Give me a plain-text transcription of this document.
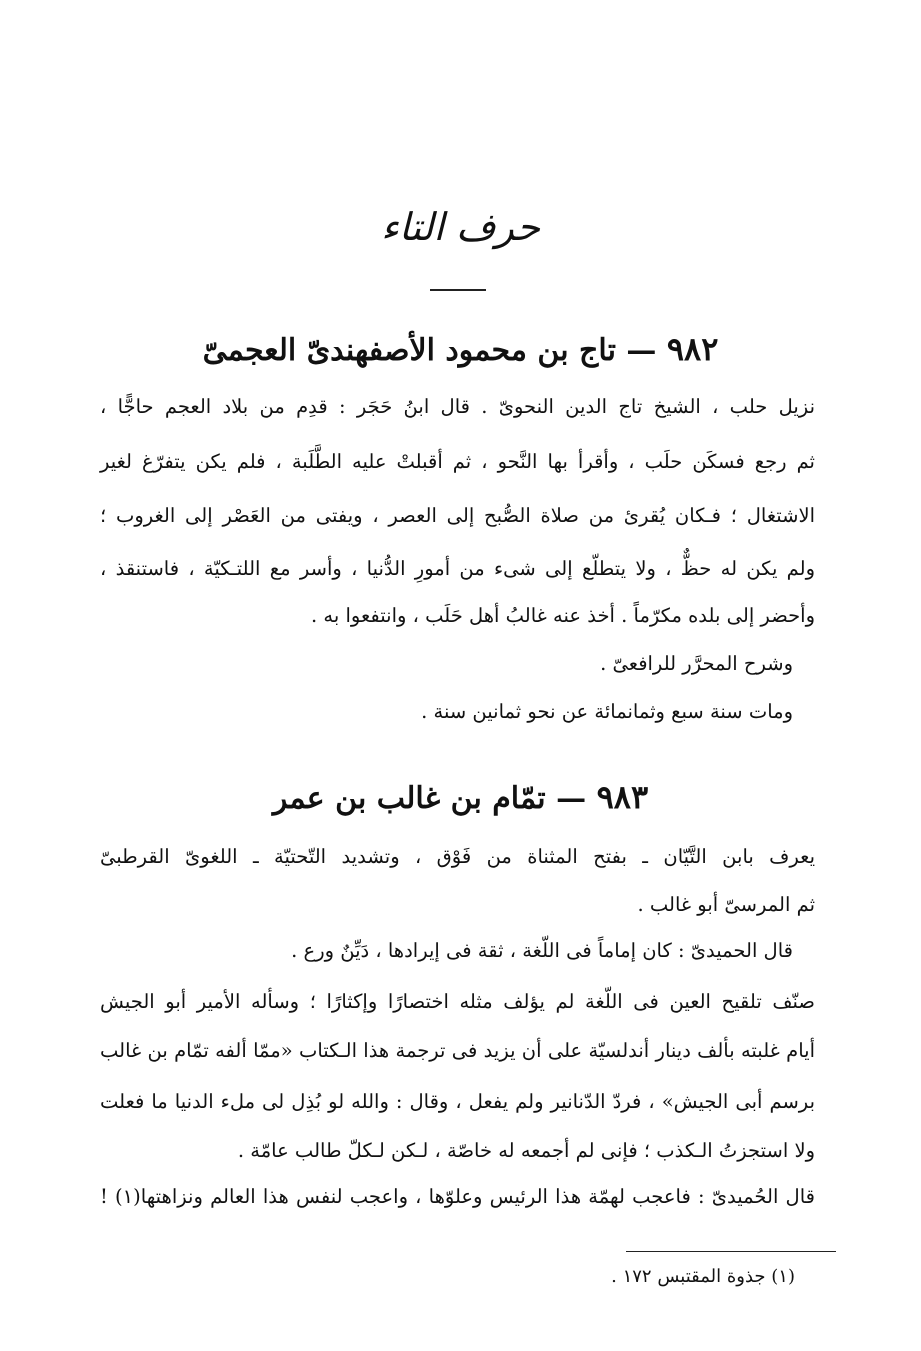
حرف التاء
٩٨٢ — تاج بن محمود الأصفهندىّ العجمىّ
نزيل حلب ، الشيخ تاج الدين النحوىّ . قال ابنُ حَجَر : قدِم من بلاد العجم حاجًّا ،
ثم رجع فسكَن حلَب ، وأقرأ بها النَّحو ، ثم أقبلتْ عليه الطَّلَبة ، فلم يكن يتفرّغ لغير
الاشتغال ؛ فـكان يُقرئ من صلاة الصُّبح إلى العصر ، ويفتى من العَصْر إلى الغروب ؛
ولم يكن له حظٌّ ، ولا يتطلّع إلى شىء من أمورِ الدُّنيا ، وأسر مع اللتـكيّة ، فاستنقذ ،
وأحضر إلى بلده مكرّماً . أخذ عنه غالبُ أهل حَلَب ، وانتفعوا به .
وشرح المحرَّر للرافعىّ .
ومات سنة سبع وثمانمائة عن نحو ثمانين سنة .
٩٨٣ — تمّام بن غالب بن عمر
يعرف بابن التَّيّان ـ بفتح المثناة من فَوْق ، وتشديد التّحتيّة ـ اللغوىّ القرطبىّ
ثم المرسىّ أبو غالب .
قال الحميدىّ : كان إماماً فى اللّغة ، ثقة فى إيرادها ، دَيِّنٌ ورع .
صنّف تلقيح العين فى اللّغة لم يؤلف مثله اختصارًا وإكثارًا ؛ وسأله الأمير أبو الجيش
أيام غلبته بألف دينار أندلسيّة على أن يزيد فى ترجمة هذا الـكتاب «ممّا ألفه تمّام بن غالب
برسم أبى الجيش» ، فردّ الدّنانير ولم يفعل ، وقال : والله لو بُذِل لى ملء الدنيا ما فعلت
ولا استجزتُ الـكذب ؛ فإنى لم أجمعه له خاصّة ، لـكن لـكلّ طالب عامّة .
قال الحُميدىّ : فاعجب لهمّة هذا الرئيس وعلوّها ، واعجب لنفس هذا العالم ونزاهتها(١) !
(١) جذوة المقتبس ١٧٢ .
